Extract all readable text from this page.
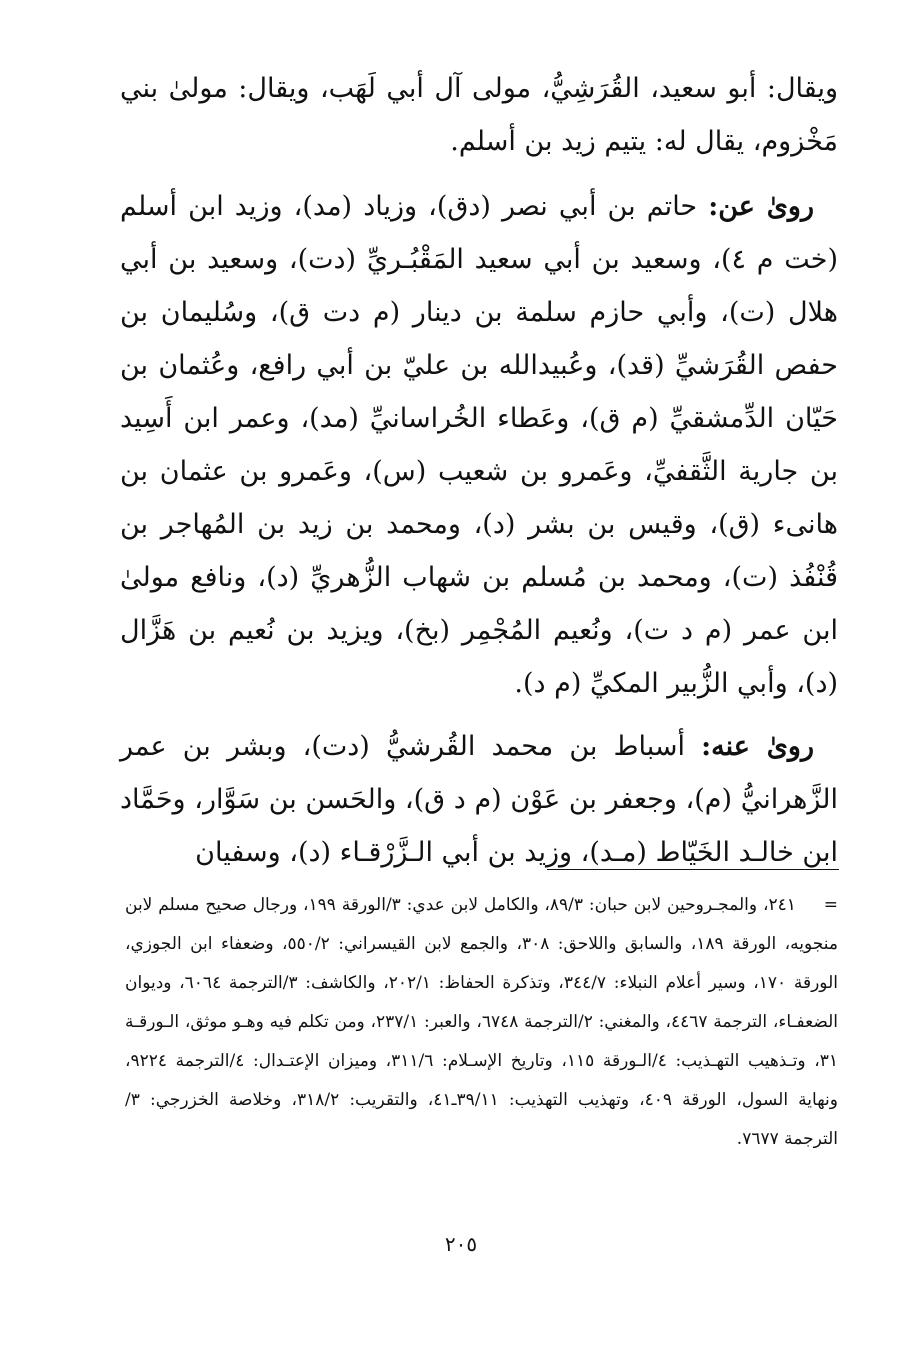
ويقال: أبو سعيد، القُرَشِيُّ، مولى آل أبي لَهَب، ويقال: مولىٰ بني مَخْزوم، يقال له: يتيم زيد بن أسلم.

روىٰ عن: حاتم بن أبي نصر (دق)، وزياد (مد)، وزيد ابن أسلم (خت م ٤)، وسعيد بن أبي سعيد المَقْبُـريِّ (دت)، وسعيد بن أبي هلال (ت)، وأبي حازم سلمة بن دينار (م دت ق)، وسُليمان بن حفص القُرَشيِّ (قد)، وعُبيدالله بن عليّ بن أبي رافع، وعُثمان بن حَيّان الدِّمشقيِّ (م ق)، وعَطاء الخُراسانيِّ (مد)، وعمر ابن أَسِيد بن جارية الثَّقفيِّ، وعَمرو بن شعيب (س)، وعَمرو بن عثمان بن هانىء (ق)، وقيس بن بشر (د)، ومحمد بن زيد بن المُهاجر بن قُنْفُذ (ت)، ومحمد بن مُسلم بن شهاب الزُّهريِّ (د)، ونافع مولىٰ ابن عمر (م د ت)، ونُعيم المُجْمِر (بخ)، ويزيد بن نُعيم بن هَزَّال (د)، وأبي الزُّبير المكيِّ (م د).

روىٰ عنه: أسباط بن محمد القُرشيُّ (دت)، وبشر بن عمر الزَّهرانيُّ (م)، وجعفر بن عَوْن (م د ق)، والحَسن بن سَوَّار، وحَمَّاد ابن خالـد الخَيّاط (مـد)، وزيد بن أبي الـزَّرْقـاء (د)، وسفيان

= ٢٤١، والمجـروحين لابن حبان: ٨٩/٣، والكامل لابن عدي: ٣/الورقة ١٩٩، ورجال صحيح مسلم لابن منجويه، الورقة ١٨٩، والسابق واللاحق: ٣٠٨، والجمع لابن القيسراني: ٥٥٠/٢، وضعفاء ابن الجوزي، الورقة ١٧٠، وسير أعلام النبلاء: ٣٤٤/٧، وتذكرة الحفاظ: ٢٠٢/١، والكاشف: ٣/الترجمة ٦٠٦٤، وديوان الضعفـاء، الترجمة ٤٤٦٧، والمغني: ٢/الترجمة ٦٧٤٨، والعبر: ٢٣٧/١، ومن تكلم فيه وهـو موثق، الـورقـة ٣١، وتـذهيب التهـذيب: ٤/الـورقة ١١٥، وتاريخ الإسـلام: ٣١١/٦، وميزان الإعتـدال: ٤/الترجمة ٩٢٢٤، ونهاية السول، الورقة ٤٠٩، وتهذيب التهذيب: ٣٩/١١ـ٤١، والتقريب: ٣١٨/٢، وخلاصة الخزرجي: ٣/الترجمة ٧٦٧٧.

٢٠٥
